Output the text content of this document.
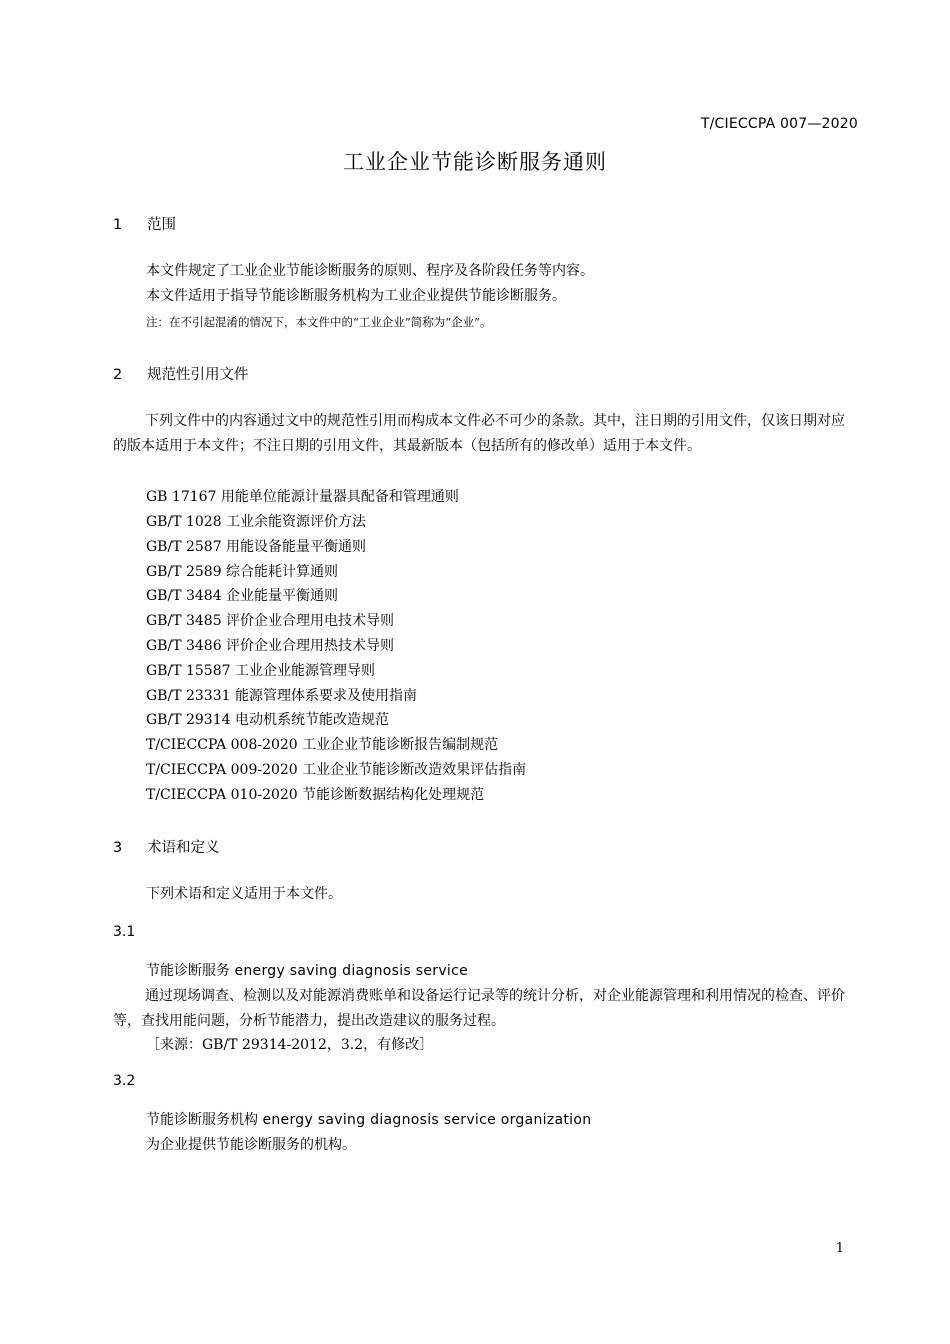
T/CIECCPA 007—2020
工业企业节能诊断服务通则
1 范围
本文件规定了工业企业节能诊断服务的原则、程序及各阶段任务等内容。
本文件适用于指导节能诊断服务机构为工业企业提供节能诊断服务。
注：在不引起混淆的情况下，本文件中的“工业企业”简称为“企业”。
2 规范性引用文件
下列文件中的内容通过文中的规范性引用而构成本文件必不可少的条款。其中，注日期的引用文件，仅该日期对应的版本适用于本文件；不注日期的引用文件，其最新版本（包括所有的修改单）适用于本文件。
GB 17167 用能单位能源计量器具配备和管理通则
GB/T 1028 工业余能资源评价方法
GB/T 2587 用能设备能量平衡通则
GB/T 2589 综合能耗计算通则
GB/T 3484 企业能量平衡通则
GB/T 3485 评价企业合理用电技术导则
GB/T 3486 评价企业合理用热技术导则
GB/T 15587 工业企业能源管理导则
GB/T 23331 能源管理体系要求及使用指南
GB/T 29314 电动机系统节能改造规范
T/CIECCPA 008-2020 工业企业节能诊断报告编制规范
T/CIECCPA 009-2020 工业企业节能诊断改造效果评估指南
T/CIECCPA 010-2020 节能诊断数据结构化处理规范
3 术语和定义
下列术语和定义适用于本文件。
3.1
节能诊断服务 energy saving diagnosis service
通过现场调查、检测以及对能源消费账单和设备运行记录等的统计分析，对企业能源管理和利用情况的检查、评价等，查找用能问题，分析节能潜力，提出改造建议的服务过程。
［来源：GB/T 29314-2012，3.2，有修改］
3.2
节能诊断服务机构 energy saving diagnosis service organization
为企业提供节能诊断服务的机构。
1
